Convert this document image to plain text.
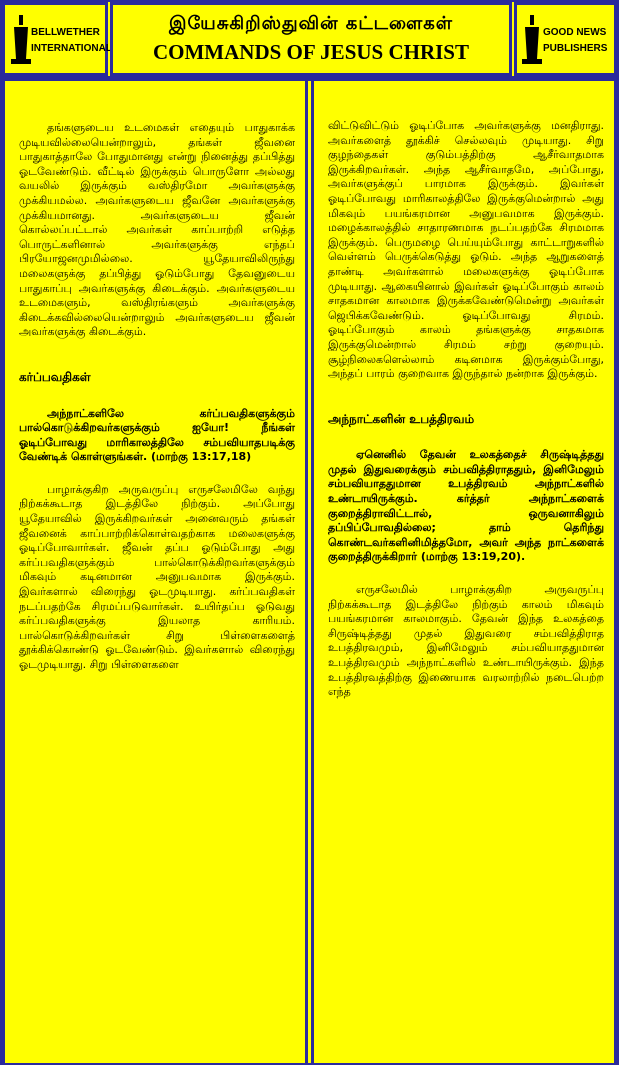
BELLWETHER
INTERNATIONAL
இயேசுகிறிஸ்துவின் கட்டளைகள்
COMMANDS OF JESUS CHRIST
GOOD NEWS
PUBLISHERS

தங்களுடைய உடமைகள் எதையும் பாதுகாக்க முடியவில்லையென்றாலும், தங்கள் ஜீவனை பாதுகாத்தாலே போதுமானது என்று நினைத்து தப்பித்து ஓடவேண்டும். வீட்டில் இருக்கும் பொருளோ அல்லது வயலில் இருக்கும் வஸ்திரமோ அவர்களுக்கு முக்கியமல்ல. அவர்களுடைய ஜீவனே அவர்களுக்கு முக்கியமானது. அவர்களுடைய ஜீவன் கொல்லப்பட்டால் அவர்கள் காப்பாற்றி எடுத்த பொருட்களினால் அவர்களுக்கு எந்தப் பிரயோஜனமுமில்லை. யூதேயாவிலிருந்து மலைகளுக்கு தப்பித்து ஓடும்போது தேவனுடைய பாதுகாப்பு அவர்களுக்கு கிடைக்கும். அவர்களுடைய உடமைகளும், வஸ்திரங்களும் அவர்களுக்கு கிடைக்கவில்லையென்றாலும் அவர்களுடைய ஜீவன் அவர்களுக்கு கிடைக்கும்.

கர்ப்பவதிகள்

அந்நாட்களிலே கர்ப்பவதிகளுக்கும் பால்கொடுக்கிறவர்களுக்கும் ஐயோ! நீங்கள் ஓடிப்போவது மாரிகாலத்திலே சம்பவியாதபடிக்கு வேண்டிக் கொள்ளுங்கள். (மாற்கு 13:17,18)

பாழாக்குகிற அருவருப்பு எருசலேமிலே வந்து நிற்கக்கூடாத இடத்திலே நிற்கும். அப்போது யூதேயாவில் இருக்கிறவர்கள் அனைவரும் தங்கள் ஜீவனைக் காப்பாற்றிக்கொள்வதற்காக மலைகளுக்கு ஓடிப்போவார்கள். ஜீவன் தப்ப ஓடும்போது அது கர்ப்பவதிகளுக்கும் பால்கொடுக்கிறவர்களுக்கும் மிகவும் கடினமான அனுபவமாக இருக்கும். இவர்களால் விரைந்து ஓடமுடியாது. கர்ப்பவதிகள் நடப்பதற்கே சிரமப்படுவார்கள். உயிர்தப்ப ஓடுவது கர்ப்பவதிகளுக்கு இயலாத காரியம். பால்கொடுக்கிறவர்கள் சிறு பிள்ளைகளைத் தூக்கிக்கொண்டு ஓடவேண்டும். இவர்களால் விரைந்து ஓடமுடியாது. சிறு பிள்ளைகளை

விட்டுவிட்டும் ஓடிப்போக அவர்களுக்கு மனதிராது. அவர்களைத் தூக்கிச் செல்லவும் முடியாது. சிறு குழந்தைகள் குடும்பத்திற்கு ஆசீர்வாதமாக இருக்கிறவர்கள். அந்த ஆசீர்வாதமே, அப்போது, அவர்களுக்குப் பாரமாக இருக்கும். இவர்கள் ஓடிப்போவது மாரிகாலத்திலே இருக்குமென்றால் அது மிகவும் பயங்கரமான அனுபவமாக இருக்கும். மழைக்காலத்தில் சாதாரணமாக நடப்பதற்கே சிரமமாக இருக்கும். பெருமழை பெய்யும்போது காட்டாறுகளில் வெள்ளம் பெருக்கெடுத்து ஓடும். அந்த ஆறுகளைத் தாண்டி அவர்களால் மலைகளுக்கு ஓடிப்போக முடியாது. ஆகையினால் இவர்கள் ஓடிப்போகும் காலம் சாதகமான காலமாக இருக்கவேண்டுமென்று அவர்கள் ஜெபிக்கவேண்டும். ஓடிப்போவது சிரமம். ஓடிப்போகும் காலம் தங்களுக்கு சாதகமாக இருக்குமென்றால் சிரமம் சற்று குறையும். சூழ்நிலைகளெல்லாம் கடினமாக இருக்கும்போது, அந்தப் பாரம் குறைவாக இருந்தால் நன்றாக இருக்கும்.

அந்நாட்களின் உபத்திரவம்

ஏனெனில் தேவன் உலகத்தைச் சிருஷ்டித்தது முதல் இதுவரைக்கும் சம்பவித்திராததும், இனிமேலும் சம்பவியாததுமான உபத்திரவம் அந்நாட்களில் உண்டாயிருக்கும். கர்த்தர் அந்நாட்களைக் குறைத்திராவிட்டால், ஒருவனாகிலும் தப்பிப்போவதில்லை; தாம் தெரிந்து கொண்டவர்களினிமித்தமோ, அவர் அந்த நாட்களைக் குறைத்திருக்கிறார் (மாற்கு 13:19,20).

எருசலேமில் பாழாக்குகிற அருவருப்பு நிற்கக்கூடாத இடத்திலே நிற்கும் காலம் மிகவும் பயங்கரமான காலமாகும். தேவன் இந்த உலகத்தை சிருஷ்டித்தது முதல் இதுவரை சம்பவித்திராத உபத்திரவமும், இனிமேலும் சம்பவியாததுமான உபத்திரவமும் அந்நாட்களில் உண்டாயிருக்கும். இந்த உபத்திரவத்திற்கு இணையாக வரலாற்றில் நடைபெற்ற எந்த
